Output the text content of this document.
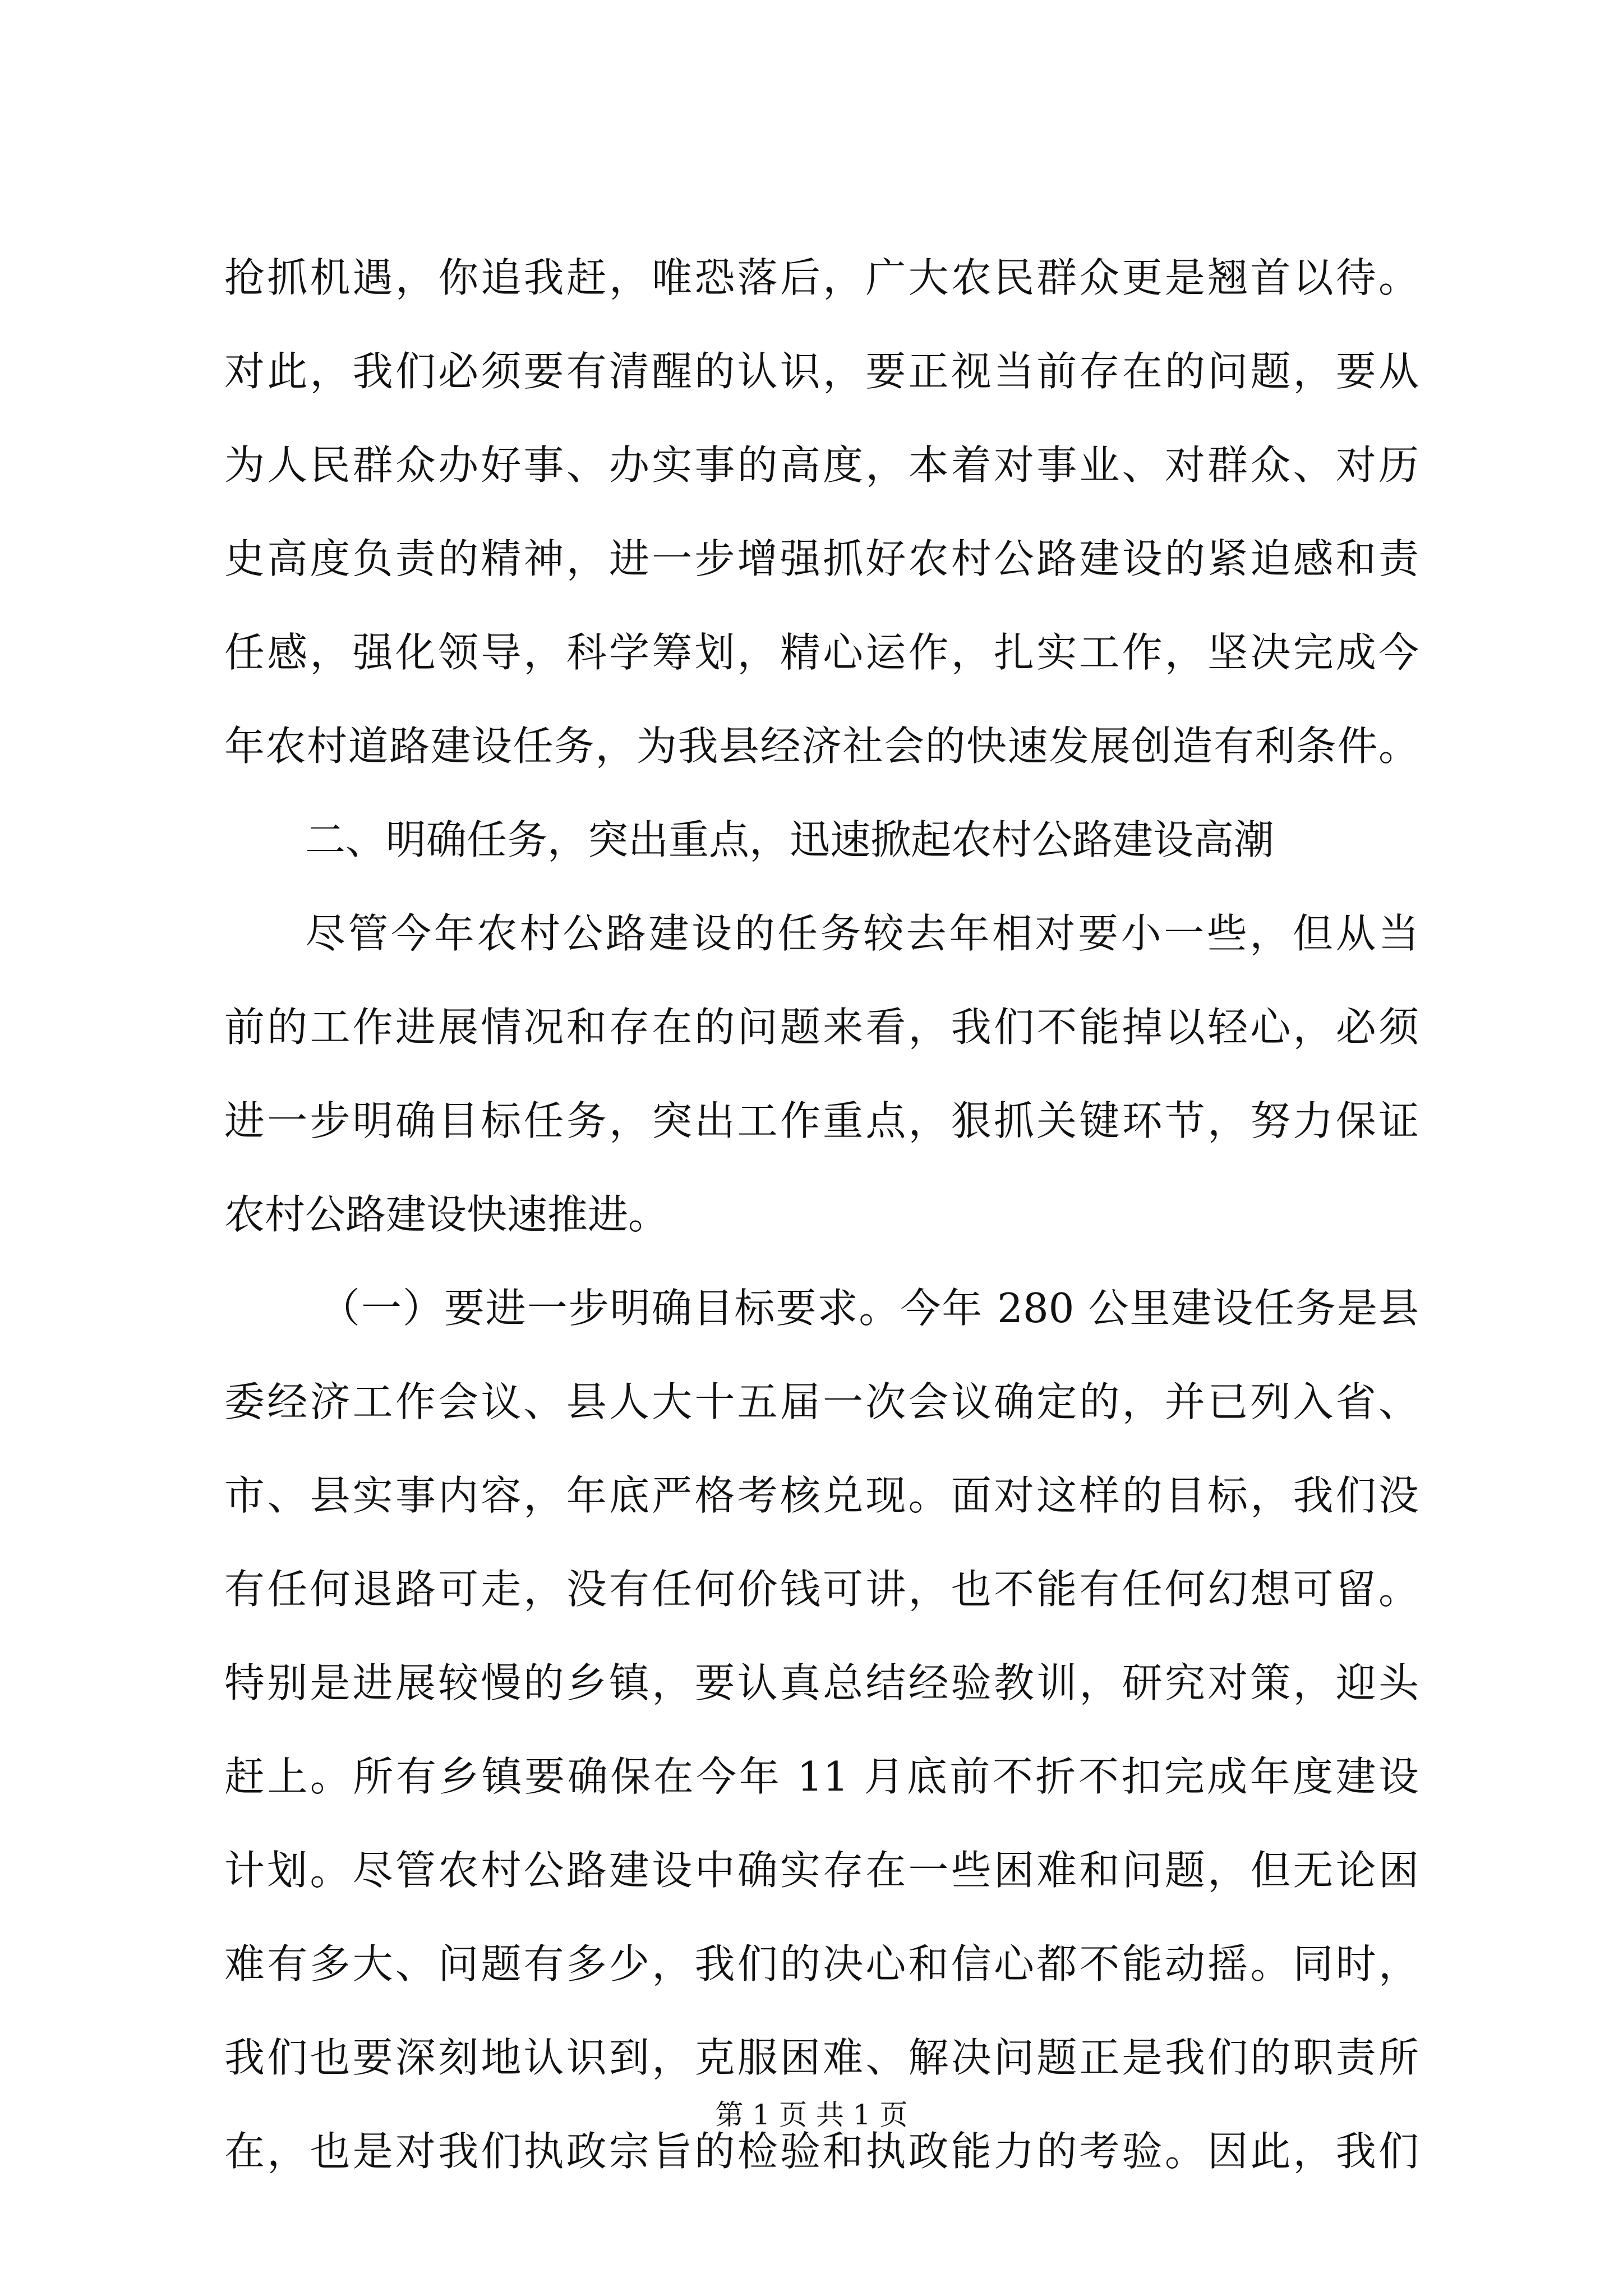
抢抓机遇，你追我赶，唯恐落后，广大农民群众更是翘首以待。
对此，我们必须要有清醒的认识，要正视当前存在的问题，要从
为人民群众办好事、办实事的高度，本着对事业、对群众、对历
史高度负责的精神，进一步增强抓好农村公路建设的紧迫感和责
任感，强化领导，科学筹划，精心运作，扎实工作，坚决完成今
年农村道路建设任务，为我县经济社会的快速发展创造有利条件。
二、明确任务，突出重点，迅速掀起农村公路建设高潮
尽管今年农村公路建设的任务较去年相对要小一些，但从当
前的工作进展情况和存在的问题来看，我们不能掉以轻心，必须
进一步明确目标任务，突出工作重点，狠抓关键环节，努力保证
农村公路建设快速推进。
（一）要进一步明确目标要求。今年 280 公里建设任务是县
委经济工作会议、县人大十五届一次会议确定的，并已列入省、
市、县实事内容，年底严格考核兑现。面对这样的目标，我们没
有任何退路可走，没有任何价钱可讲，也不能有任何幻想可留。
特别是进展较慢的乡镇，要认真总结经验教训，研究对策，迎头
赶上。所有乡镇要确保在今年 11 月底前不折不扣完成年度建设
计划。尽管农村公路建设中确实存在一些困难和问题，但无论困
难有多大、问题有多少，我们的决心和信心都不能动摇。同时，
我们也要深刻地认识到，克服困难、解决问题正是我们的职责所
在，也是对我们执政宗旨的检验和执政能力的考验。因此，我们
第 1 页 共 1 页
